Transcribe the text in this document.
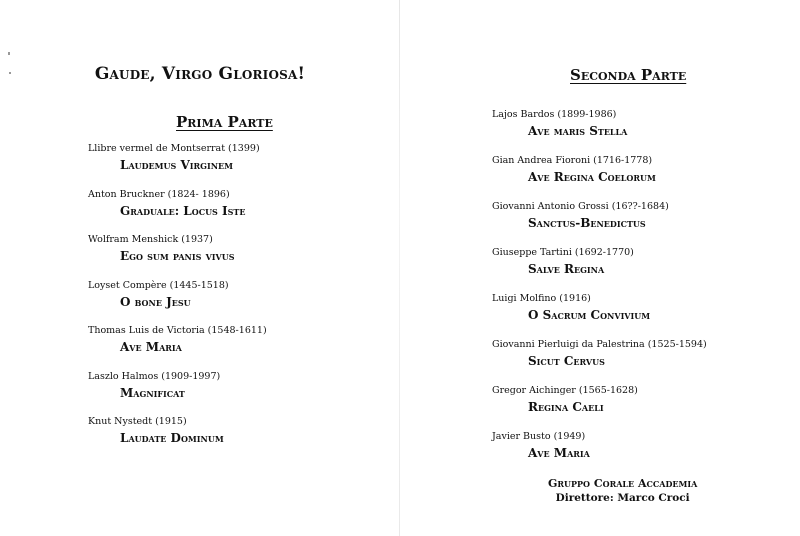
Gaude, Virgo Gloriosa!
Prima Parte

Llibre vermel de Montserrat (1399)

Laudemus Virginem

Anton Bruckner (1824- 1896)

Graduale: Locus Iste

Wolfram Menshick (1937)

Ego sum panis vivus

Loyset Compère (1445-1518)

O bone Jesu

Thomas Luis de Victoria (1548-1611)

Ave Maria

Laszlo Halmos (1909-1997)

Magnificat

Knut Nystedt (1915)

Laudate Dominum

Seconda Parte

Lajos Bardos (1899-1986)

Ave maris Stella

Gian Andrea Fioroni (1716-1778)

Ave Regina Coelorum

Giovanni Antonio Grossi (16??-1684)

Sanctus-Benedictus

Giuseppe Tartini (1692-1770)

Salve Regina

Luigi Molfino (1916)

O Sacrum Convivium

Giovanni Pierluigi da Palestrina (1525-1594)

Sicut Cervus

Gregor Aichinger (1565-1628)

Regina Caeli

Javier Busto (1949)

Ave Maria

Gruppo Corale Accademia
Direttore: Marco Croci
